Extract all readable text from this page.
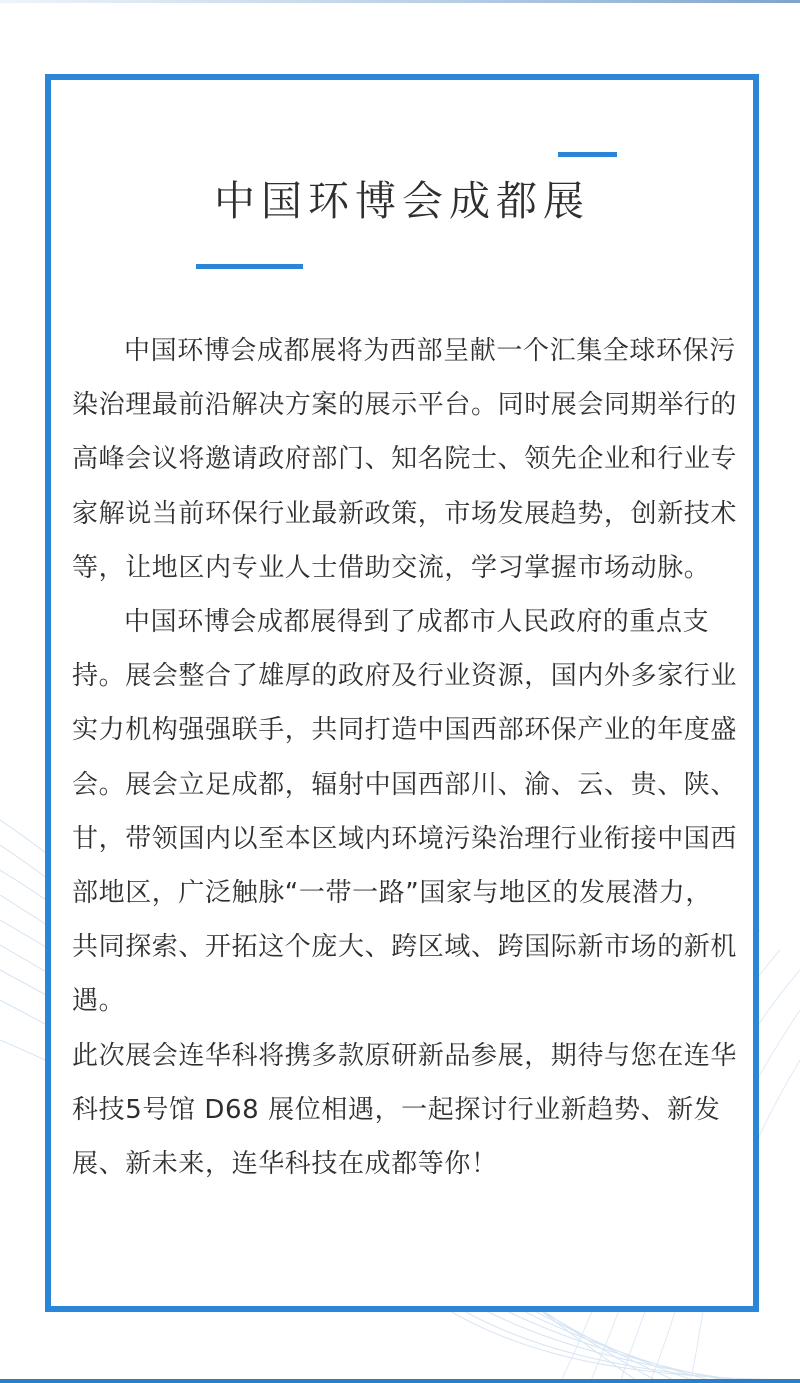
中国环博会成都展

中国环博会成都展将为西部呈献一个汇集全球环保污染治理最前沿解决方案的展示平台。同时展会同期举行的高峰会议将邀请政府部门、知名院士、领先企业和行业专家解说当前环保行业最新政策，市场发展趋势，创新技术等，让地区内专业人士借助交流，学习掌握市场动脉。

中国环博会成都展得到了成都市人民政府的重点支持。展会整合了雄厚的政府及行业资源，国内外多家行业实力机构强强联手，共同打造中国西部环保产业的年度盛会。展会立足成都，辐射中国西部川、渝、云、贵、陕、甘，带领国内以至本区域内环境污染治理行业衔接中国西部地区，广泛触脉“一带一路”国家与地区的发展潜力，共同探索、开拓这个庞大、跨区域、跨国际新市场的新机遇。

此次展会连华科将携多款原研新品参展，期待与您在连华科技5号馆 D68 展位相遇，一起探讨行业新趋势、新发展、新未来，连华科技在成都等你！
